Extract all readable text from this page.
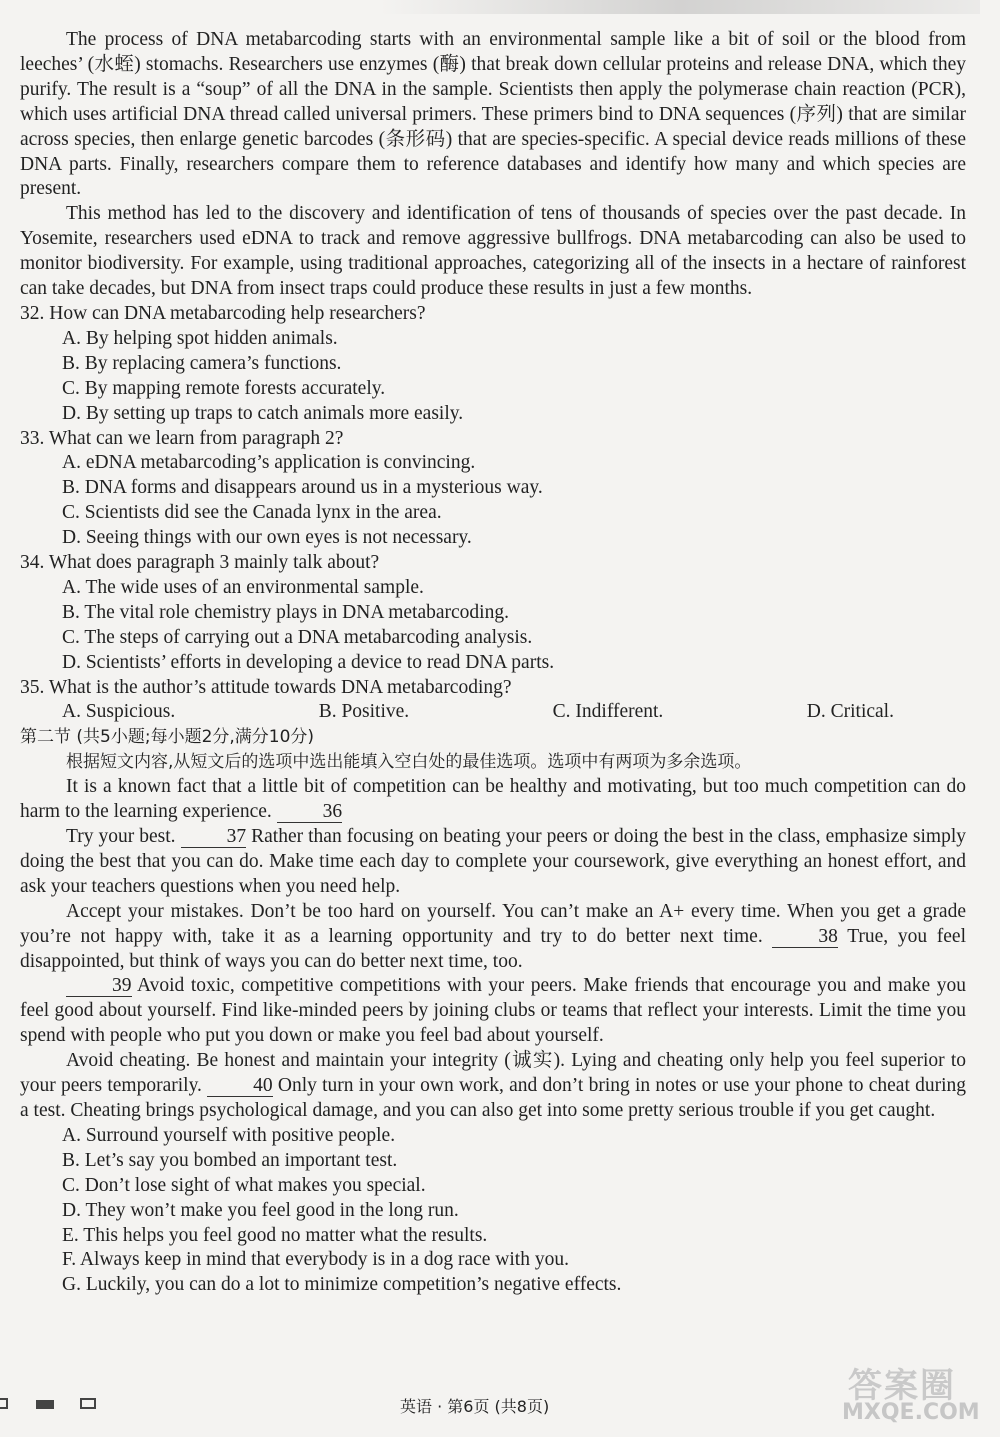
The process of DNA metabarcoding starts with an environmental sample like a bit of soil or the blood from leeches’ (水蛭) stomachs. Researchers use enzymes (酶) that break down cellular proteins and release DNA, which they purify. The result is a “soup” of all the DNA in the sample. Scientists then apply the polymerase chain reaction (PCR), which uses artificial DNA thread called universal primers. These primers bind to DNA sequences (序列) that are similar across species, then enlarge genetic barcodes (条形码) that are species-specific. A special device reads millions of these DNA parts. Finally, researchers compare them to reference databases and identify how many and which species are present.

This method has led to the discovery and identification of tens of thousands of species over the past decade. In Yosemite, researchers used eDNA to track and remove aggressive bullfrogs. DNA metabarcoding can also be used to monitor biodiversity. For example, using traditional approaches, categorizing all of the insects in a hectare of rainforest can take decades, but DNA from insect traps could produce these results in just a few months.

32. How can DNA metabarcoding help researchers?

A. By helping spot hidden animals.

B. By replacing camera’s functions.

C. By mapping remote forests accurately.

D. By setting up traps to catch animals more easily.

33. What can we learn from paragraph 2?

A. eDNA metabarcoding’s application is convincing.

B. DNA forms and disappears around us in a mysterious way.

C. Scientists did see the Canada lynx in the area.

D. Seeing things with our own eyes is not necessary.

34. What does paragraph 3 mainly talk about?

A. The wide uses of an environmental sample.

B. The vital role chemistry plays in DNA metabarcoding.

C. The steps of carrying out a DNA metabarcoding analysis.

D. Scientists’ efforts in developing a device to read DNA parts.

35. What is the author’s attitude towards DNA metabarcoding?

A. Suspicious.	B. Positive.	C. Indifferent.	D. Critical.

第二节 (共5小题;每小题2分,满分10分)

根据短文内容,从短文后的选项中选出能填入空白处的最佳选项。选项中有两项为多余选项。

It is a known fact that a little bit of competition can be healthy and motivating, but too much competition can do harm to the learning experience.	36

Try your best.	37 Rather than focusing on beating your peers or doing the best in the class, emphasize simply doing the best that you can do. Make time each day to complete your coursework, give everything an honest effort, and ask your teachers questions when you need help.

Accept your mistakes. Don’t be too hard on yourself. You can’t make an A+ every time. When you get a grade you’re not happy with, take it as a learning opportunity and try to do better next time.	38 True, you feel disappointed, but think of ways you can do better next time, too.

39 Avoid toxic, competitive competitions with your peers. Make friends that encourage you and make you feel good about yourself. Find like-minded peers by joining clubs or teams that reflect your interests. Limit the time you spend with people who put you down or make you feel bad about yourself.

Avoid cheating. Be honest and maintain your integrity (诚实). Lying and cheating only help you feel superior to your peers temporarily.	40 Only turn in your own work, and don’t bring in notes or use your phone to cheat during a test. Cheating brings psychological damage, and you can also get into some pretty serious trouble if you get caught.

A. Surround yourself with positive people.

B. Let’s say you bombed an important test.

C. Don’t lose sight of what makes you special.

D. They won’t make you feel good in the long run.

E. This helps you feel good no matter what the results.

F. Always keep in mind that everybody is in a dog race with you.

G. Luckily, you can do a lot to minimize competition’s negative effects.

英语 · 第6页 (共8页)
答案圈
MXQE.COM
